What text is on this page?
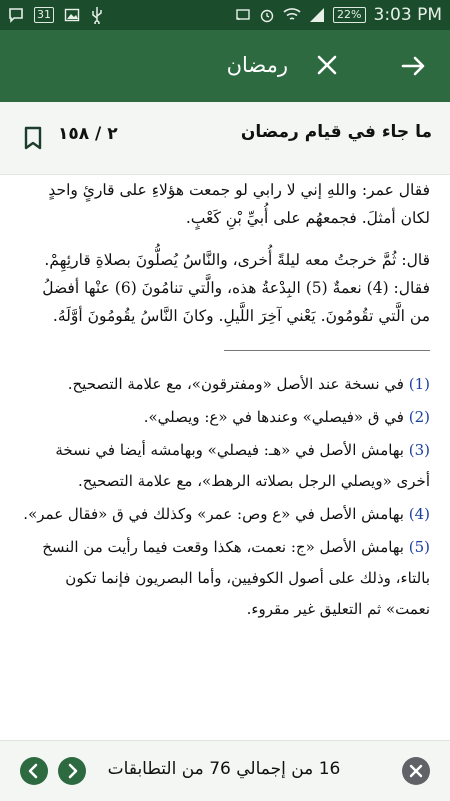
31	22% 3:03 PM
رمضان
ما جاء في قيام رمضان
٢ / ١٥٨

فقال عمر: واللهِ إني لا رابي لو جمعت هؤلاءِ على قارئٍ واحدٍ لكان أمثلَ. فجمعهُم على أُبيِّ بْنِ كَعْبٍ.

قال: ثُمَّ خرجتُ معه ليلةً أُخرى، والنَّاسُ يُصلُّونَ بصلاةِ قارئِهِمْ. فقال: (4) نعمةٌ (5) البِدْعةُ هذه، والَّتي تنامُونَ (6) عنْها أفضلُ من الَّتي تقُومُونَ. يَعْني آخِرَ اللَّيلِ. وكانَ النَّاسُ يقُومُونَ أوَّلَهُ.

(1) في نسخة عند الأصل «ومفترقون»، مع علامة التصحيح.

(2) في ق «فيصلي» وعندها في «ع: ويصلي».

(3) بهامش الأصل في «هـ: فيصلي» وبهامشه أيضا في نسخة أخرى «ويصلي الرجل بصلاته الرهط»، مع علامة التصحيح.

(4) بهامش الأصل في «ع وص: عمر» وكذلك في ق «فقال عمر».

(5) بهامش الأصل «ج: نعمت، هكذا وقعت فيما رأيت من النسخ بالتاء، وذلك على أصول الكوفيين، وأما البصريون فإنما تكون نعمت» ثم التعليق غير مقروء.

16 من إجمالي 76 من التطابقات
